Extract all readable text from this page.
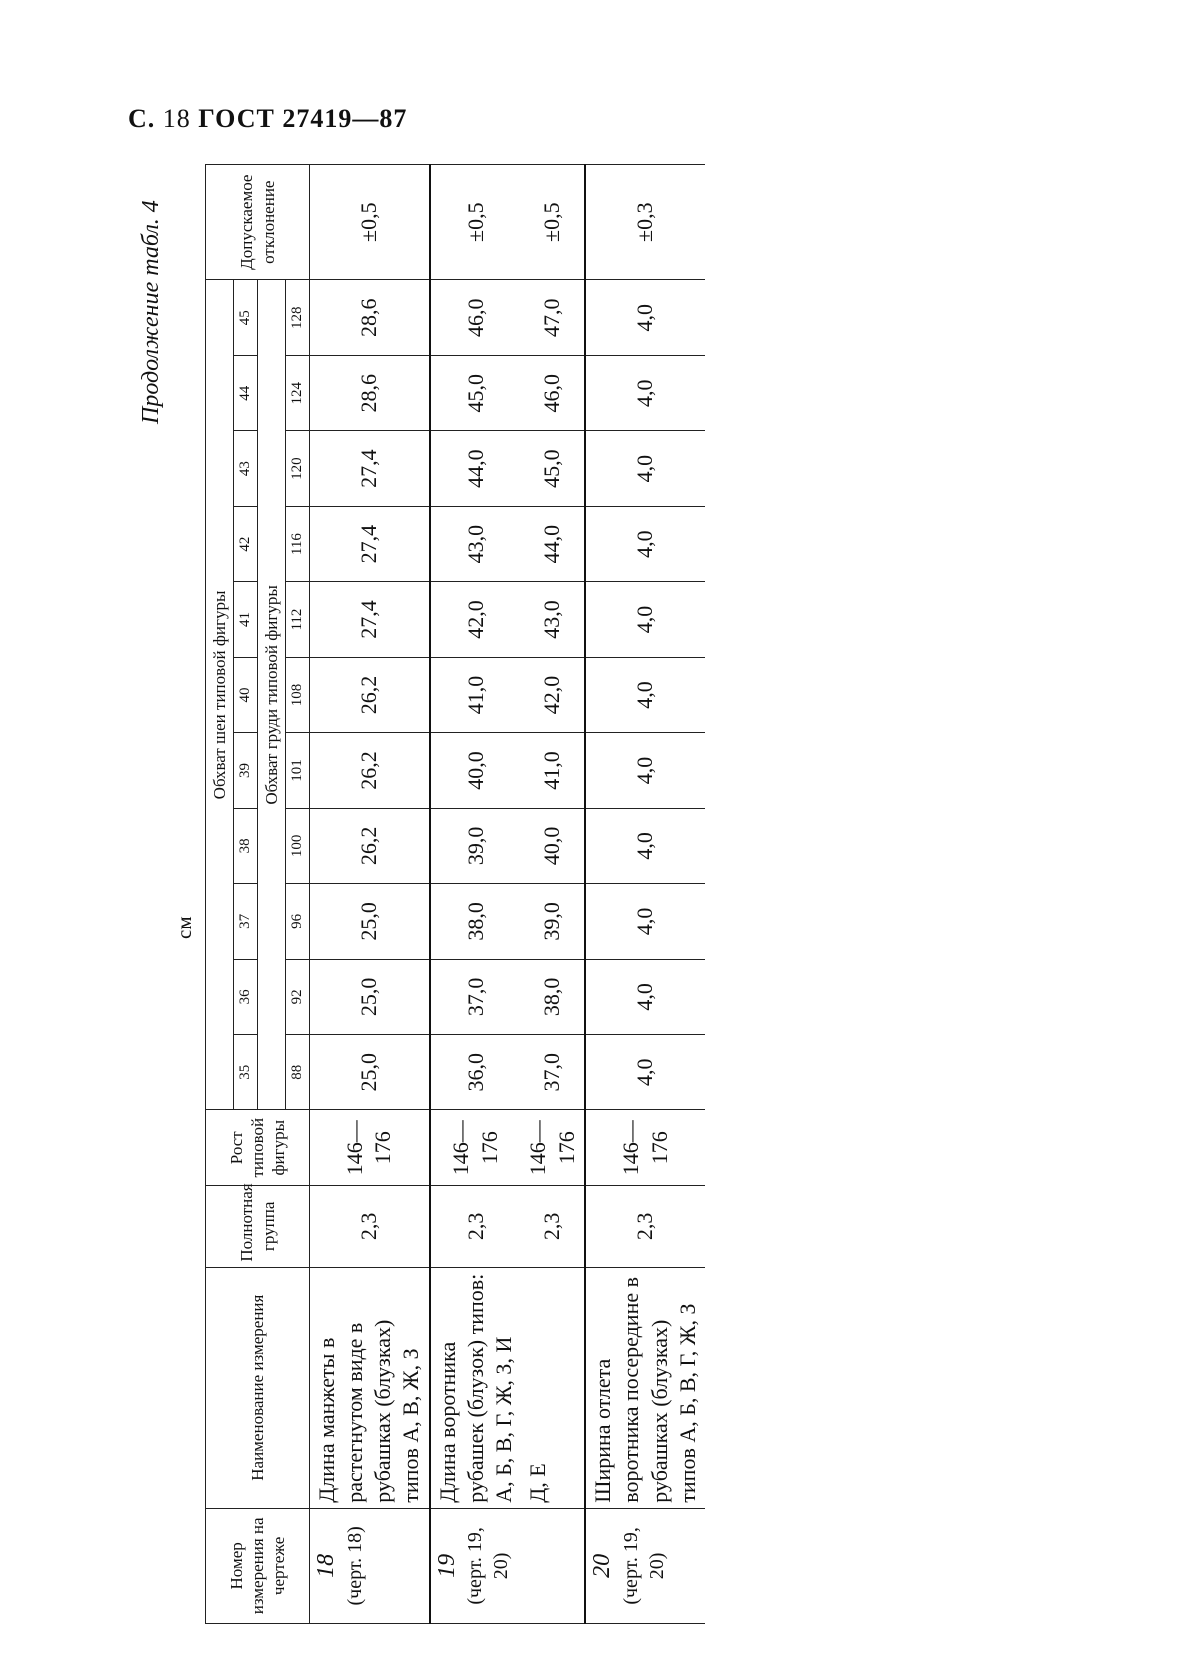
С. 18 ГОСТ 27419—87
Продолжение табл. 4
см
Номер измерения на чертеже	Наименование измерения	Полнотная группа	Рост типовой фигуры	Обхват шеи типовой фигуры											Допускаемое отклонение
				35	36	37	38	39	40	41	42	43	44	45	
				Обхват груди типовой фигуры											
				88	92	96	100	101	108	112	116	120	124	128	

18 (черт. 18)	Длина манжеты в растегнутом виде в рубашках (блузках) типов А, В, Ж, З	2,3	146—176	25,0	25,0	25,0	26,2	26,2	26,2	27,4	27,4	27,4	28,6	28,6	±0,5

19 (черт. 19, 20)	Длина воротника рубашек (блузок) типов: А, Б, В, Г, Ж, З, И	2,3	146—176	36,0	37,0	38,0	39,0	40,0	41,0	42,0	43,0	44,0	45,0	46,0	±0,5

	Д, Е	2,3	146—176	37,0	38,0	39,0	40,0	41,0	42,0	43,0	44,0	45,0	46,0	47,0	±0,5

20 (черт. 19, 20)	Ширина отлета воротника посередине в рубашках (блузках) типов А, Б, В, Г, Ж, З	2,3	146—176	4,0	4,0	4,0	4,0	4,0	4,0	4,0	4,0	4,0	4,0	4,0	±0,3
